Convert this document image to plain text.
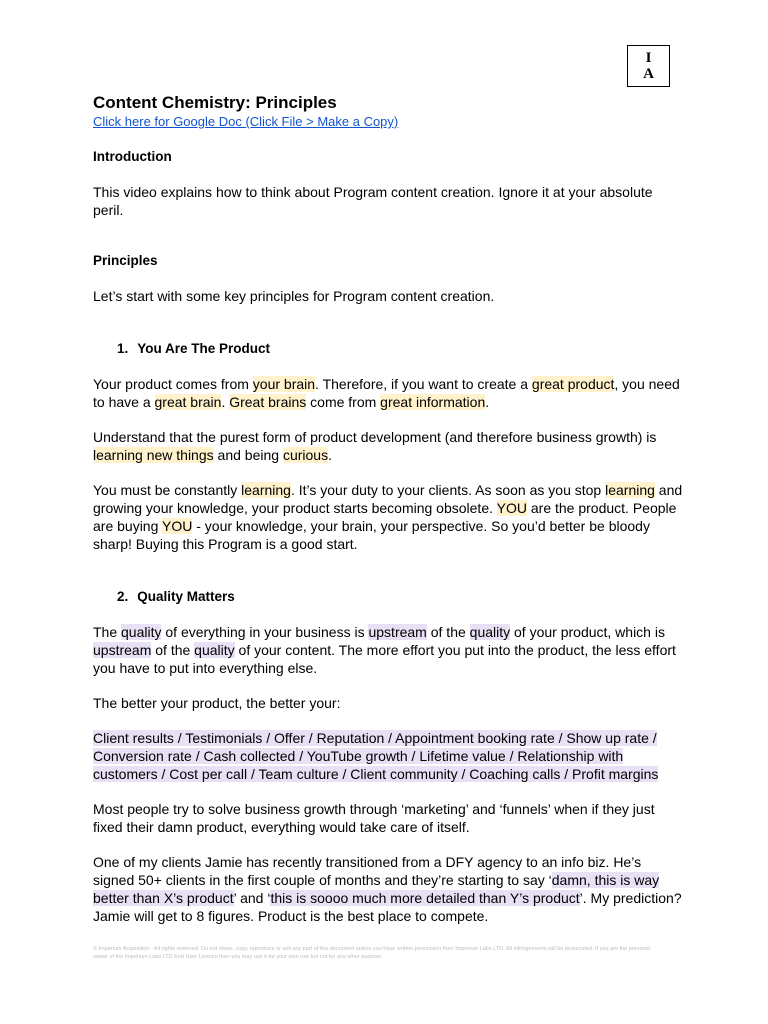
I
A
Content Chemistry: Principles
Click here for Google Doc (Click File > Make a Copy)
Introduction

This video explains how to think about Program content creation. Ignore it at your absolute peril.

Principles

Let’s start with some key principles for Program content creation.

1. You Are The Product

Your product comes from your brain. Therefore, if you want to create a great product, you need to have a great brain. Great brains come from great information.

Understand that the purest form of product development (and therefore business growth) is learning new things and being curious.

You must be constantly learning. It’s your duty to your clients. As soon as you stop learning and growing your knowledge, your product starts becoming obsolete. YOU are the product. People are buying YOU - your knowledge, your brain, your perspective. So you’d better be bloody sharp! Buying this Program is a good start.

2. Quality Matters

The quality of everything in your business is upstream of the quality of your product, which is upstream of the quality of your content. The more effort you put into the product, the less effort you have to put into everything else.

The better your product, the better your:

Client results / Testimonials / Offer / Reputation / Appointment booking rate / Show up rate / Conversion rate / Cash collected / YouTube growth / Lifetime value / Relationship with customers / Cost per call / Team culture / Client community / Coaching calls / Profit margins

Most people try to solve business growth through ‘marketing’ and ‘funnels’ when if they just fixed their damn product, everything would take care of itself.

One of my clients Jamie has recently transitioned from a DFY agency to an info biz. He’s signed 50+ clients in the first couple of months and they’re starting to say ‘damn, this is way better than X’s product’ and ‘this is soooo much more detailed than Y’s product’. My prediction? Jamie will get to 8 figures. Product is the best place to compete.

© Imperium Acquisition - All rights reserved. Do not share, copy, reproduce or sell any part of this document unless you have written permission from Imperium Labs LTD. All infringements will be prosecuted. If you are the personal owner of the Imperium Labs LTD End User Licence then you may use it for your own use but not for any other purpose.
